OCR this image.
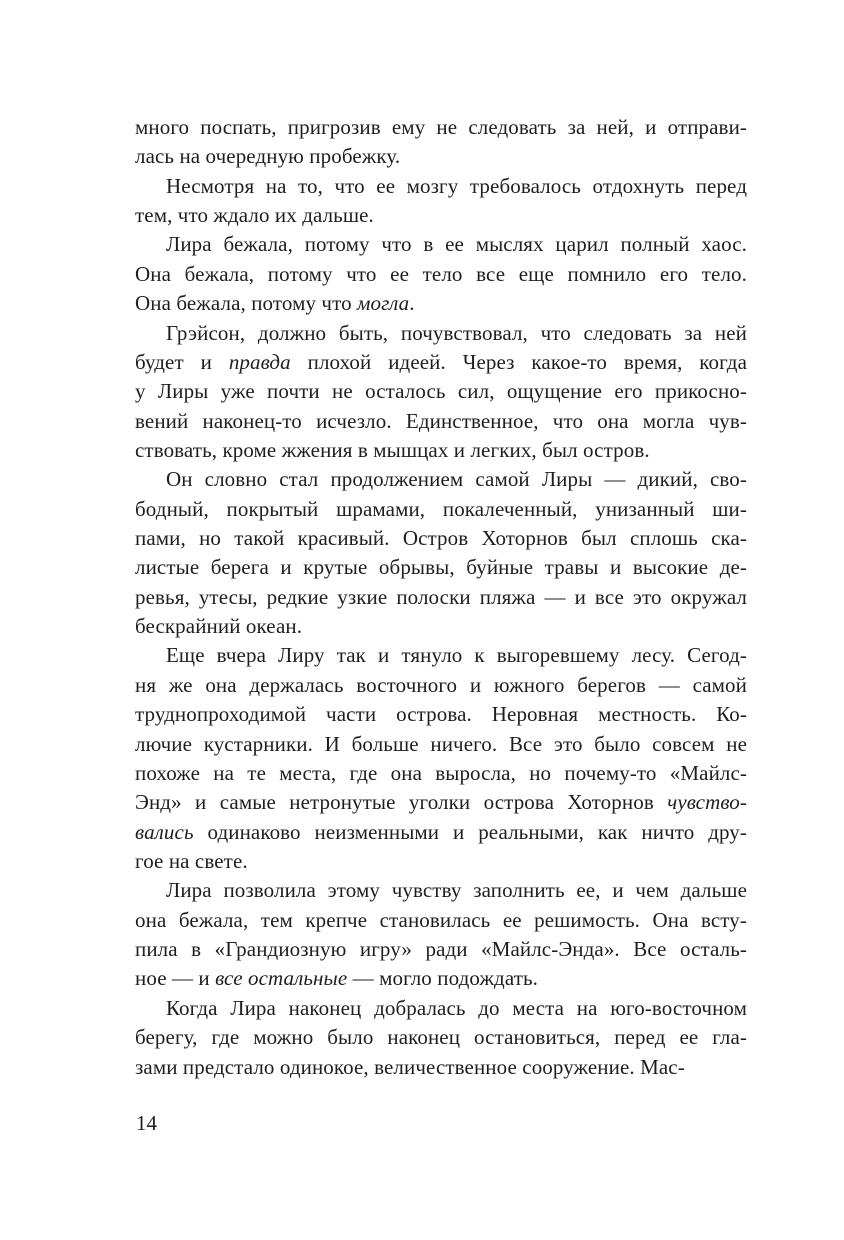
много поспать, пригрозив ему не следовать за ней, и отправи-
лась на очередную пробежку.
Несмотря на то, что ее мозгу требовалось отдохнуть перед
тем, что ждало их дальше.
Лира бежала, потому что в ее мыслях царил полный хаос.
Она бежала, потому что ее тело все еще помнило его тело.
Она бежала, потому что могла.
Грэйсон, должно быть, почувствовал, что следовать за ней
будет и правда плохой идеей. Через какое-то время, когда
у Лиры уже почти не осталось сил, ощущение его прикосно-
вений наконец-то исчезло. Единственное, что она могла чув-
ствовать, кроме жжения в мышцах и легких, был остров.
Он словно стал продолжением самой Лиры — дикий, сво-
бодный, покрытый шрамами, покалеченный, унизанный ши-
пами, но такой красивый. Остров Хоторнов был сплошь ска-
листые берега и крутые обрывы, буйные травы и высокие де-
ревья, утесы, редкие узкие полоски пляжа — и все это окружал
бескрайний океан.
Еще вчера Лиру так и тянуло к выгоревшему лесу. Сегод-
ня же она держалась восточного и южного берегов — самой
труднопроходимой части острова. Неровная местность. Ко-
лючие кустарники. И больше ничего. Все это было совсем не
похоже на те места, где она выросла, но почему-то «Майлс-
Энд» и самые нетронутые уголки острова Хоторнов чувство-
вались одинаково неизменными и реальными, как ничто дру-
гое на свете.
Лира позволила этому чувству заполнить ее, и чем дальше
она бежала, тем крепче становилась ее решимость. Она всту-
пила в «Грандиозную игру» ради «Майлс-Энда». Все осталь-
ное — и все остальные — могло подождать.
Когда Лира наконец добралась до места на юго-восточном
берегу, где можно было наконец остановиться, перед ее гла-
зами предстало одинокое, величественное сооружение. Мас-
14
